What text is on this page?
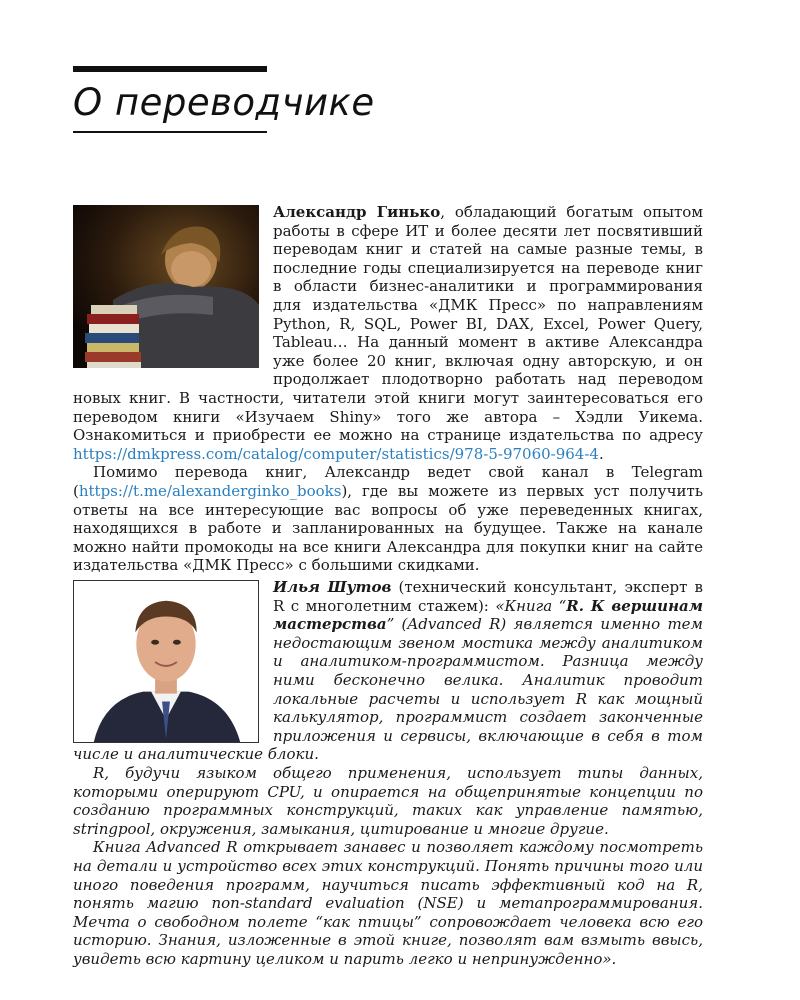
О переводчике

Александр Гинько, обладающий богатым опытом работы в сфере ИТ и более десяти лет посвятивший переводам книг и статей на самые разные темы, в последние годы специализируется на переводе книг в области бизнес-аналитики и программирования для издательства «ДМК Пресс» по направлениям Python, R, SQL, Power BI, DAX, Excel, Power Query, Tableau… На данный момент в активе Александра уже более 20 книг, включая одну авторскую, и он продолжает плодотворно работать над переводом новых книг. В частности, читатели этой книги могут заинтересоваться его переводом книги «Изучаем Shiny» того же автора – Хэдли Уикема. Ознакомиться и приобрести ее можно на странице издательства по адресу https://dmkpress.com/catalog/computer/statistics/978-5-97060-964-4.

Помимо перевода книг, Александр ведет свой канал в Telegram (https://t.me/alexanderginko_books), где вы можете из первых уст получить ответы на все интересующие вас вопросы об уже переведенных книгах, находящихся в работе и запланированных на будущее. Также на канале можно найти промокоды на все книги Александра для покупки книг на сайте издательства «ДМК Пресс» с большими скидками.

Илья Шутов (технический консультант, эксперт в R с многолетним стажем): «Книга “R. К вершинам мастерства” (Advanced R) является именно тем недостающим звеном мостика между аналитиком и аналитиком-программистом. Разница между ними бесконечно велика. Аналитик проводит локальные расчеты и использует R как мощный калькулятор, программист создает законченные приложения и сервисы, включающие в себя в том числе и аналитические блоки.

R, будучи языком общего применения, использует типы данных, которыми оперируют CPU, и опирается на общепринятые концепции по созданию программных конструкций, таких как управление памятью, stringpool, окружения, замыкания, цитирование и многие другие.

Книга Advanced R открывает занавес и позволяет каждому посмотреть на детали и устройство всех этих конструкций. Понять причины того или иного поведения программ, научиться писать эффективный код на R, понять магию non-standard evaluation (NSE) и метапрограммирования. Мечта о свободном полете “как птицы” сопровождает человека всю его историю. Знания, изложенные в этой книге, позволят вам взмыть ввысь, увидеть всю картину целиком и парить легко и непринужденно».
